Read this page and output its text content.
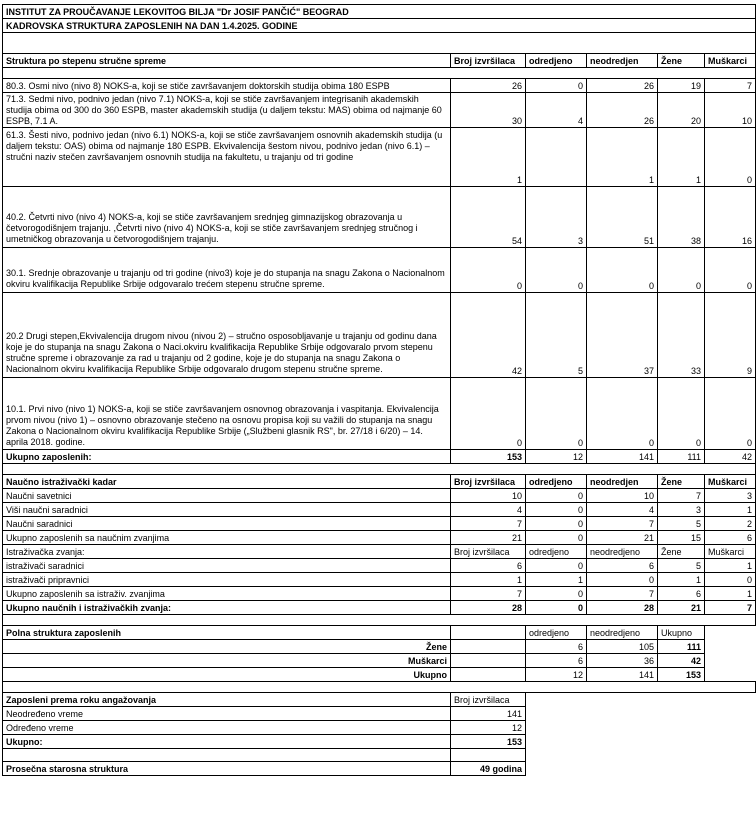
INSTITUT ZA PROUČAVANJE LEKOVITOG BILJA "Dr JOSIF PANČIĆ" BEOGRAD					
KADROVSKA STRUKTURA ZAPOSLENIH NA DAN 1.4.2025. GODINE					

Struktura po stepenu stručne spreme	Broj izvršilaca	odredjeno	neodredjen	Žene	Muškarci

80.3. Osmi nivo (nivo 8) NOKS-a, koji se stiče završavanjem doktorskih studija obima 180 ESPB	26	0	26	19	7
71.3. Sedmi nivo, podnivo jedan (nivo 7.1) NOKS-a, koji se stiče završavanjem integrisanih akademskih studija obima od 300 do 360 ESPB, master akademskih studija (u daljem tekstu: MAS) obima od najmanje 60 ESPB, 7.1 A.	30	4	26	20	10
61.3. Šesti nivo, podnivo jedan (nivo 6.1) NOKS-a, koji se stiče završavanjem osnovnih akademskih studija (u daljem tekstu: OAS) obima od najmanje 180 ESPB. Ekvivalencija šestom nivou, podnivo jedan (nivo 6.1) – stručni naziv stečen završavanjem osnovnih studija na fakultetu, u trajanju od tri godine	1		1	1	0
40.2. Četvrti nivo (nivo 4) NOKS-a, koji se stiče završavanjem srednjeg gimnazijskog obrazovanja u četvorogodišnjem trajanju. ,Četvrti nivo (nivo 4) NOKS-a, koji se stiče završavanjem srednjeg stručnog i umetničkog obrazovanja u četvorogodišnjem trajanju.	54	3	51	38	16
30.1. Srednje obrazovanje u trajanju od tri godine (nivo3) koje je do stupanja na snagu Zakona o Nacionalnom okviru kvalifikacija Republike Srbije odgovaralo trećem stepenu stručne spreme.	0	0	0	0	0
20.2 Drugi stepen,Ekvivalencija drugom nivou (nivou 2) – stručno osposobljavanje u trajanju od godinu dana koje je do stupanja na snagu Zakona o Naci.okviru kvalifikacija Republike Srbije odgovaralo prvom stepenu stručne spreme i obrazovanje za rad u trajanju od 2 godine, koje je do stupanja na snagu Zakona o Nacionalnom okviru kvalifikacija Republike Srbije odgovaralo drugom stepenu stručne spreme.	42	5	37	33	9
10.1. Prvi nivo (nivo 1) NOKS-a, koji se stiče završavanjem osnovnog obrazovanja i vaspitanja. Ekvivalencija prvom nivou (nivo 1) – osnovno obrazovanje stečeno na osnovu propisa koji su važili do stupanja na snagu Zakona o Nacionalnom okviru kvalifikacija Republike Srbije („Službeni glasnik RS", br. 27/18 i 6/20) – 14. aprila 2018. godine.	0	0	0	0	0
Ukupno zaposlenih:	153	12	141	111	42

Naučno istraživački kadar	Broj izvršilaca	odredjeno	neodredjen	Žene	Muškarci
Naučni savetnici	10	0	10	7	3
Viši naučni saradnici	4	0	4	3	1
Naučni saradnici	7	0	7	5	2
Ukupno zaposlenih sa naučnim zvanjima	21	0	21	15	6
Istraživačka zvanja:	Broj izvršilaca	odredjeno	neodredjeno	Žene	Muškarci
istraživači saradnici	6	0	6	5	1
istraživači pripravnici	1	1	0	1	0
Ukupno zaposlenih sa istraživ. zvanjima	7	0	7	6	1
Ukupno naučnih i istraživačkih zvanja:	28	0	28	21	7

Polna struktura zaposlenih		odredjeno	neodredjeno	Ukupno	
Žene		6	105	111	
Muškarci		6	36	42	
Ukupno		12	141	153	

Zaposleni prema roku angažovanja	Broj izvršilaca				
Neodređeno vreme	141				
Određeno vreme	12				
Ukupno:	153				

Prosečna starosna struktura	49 godina				
